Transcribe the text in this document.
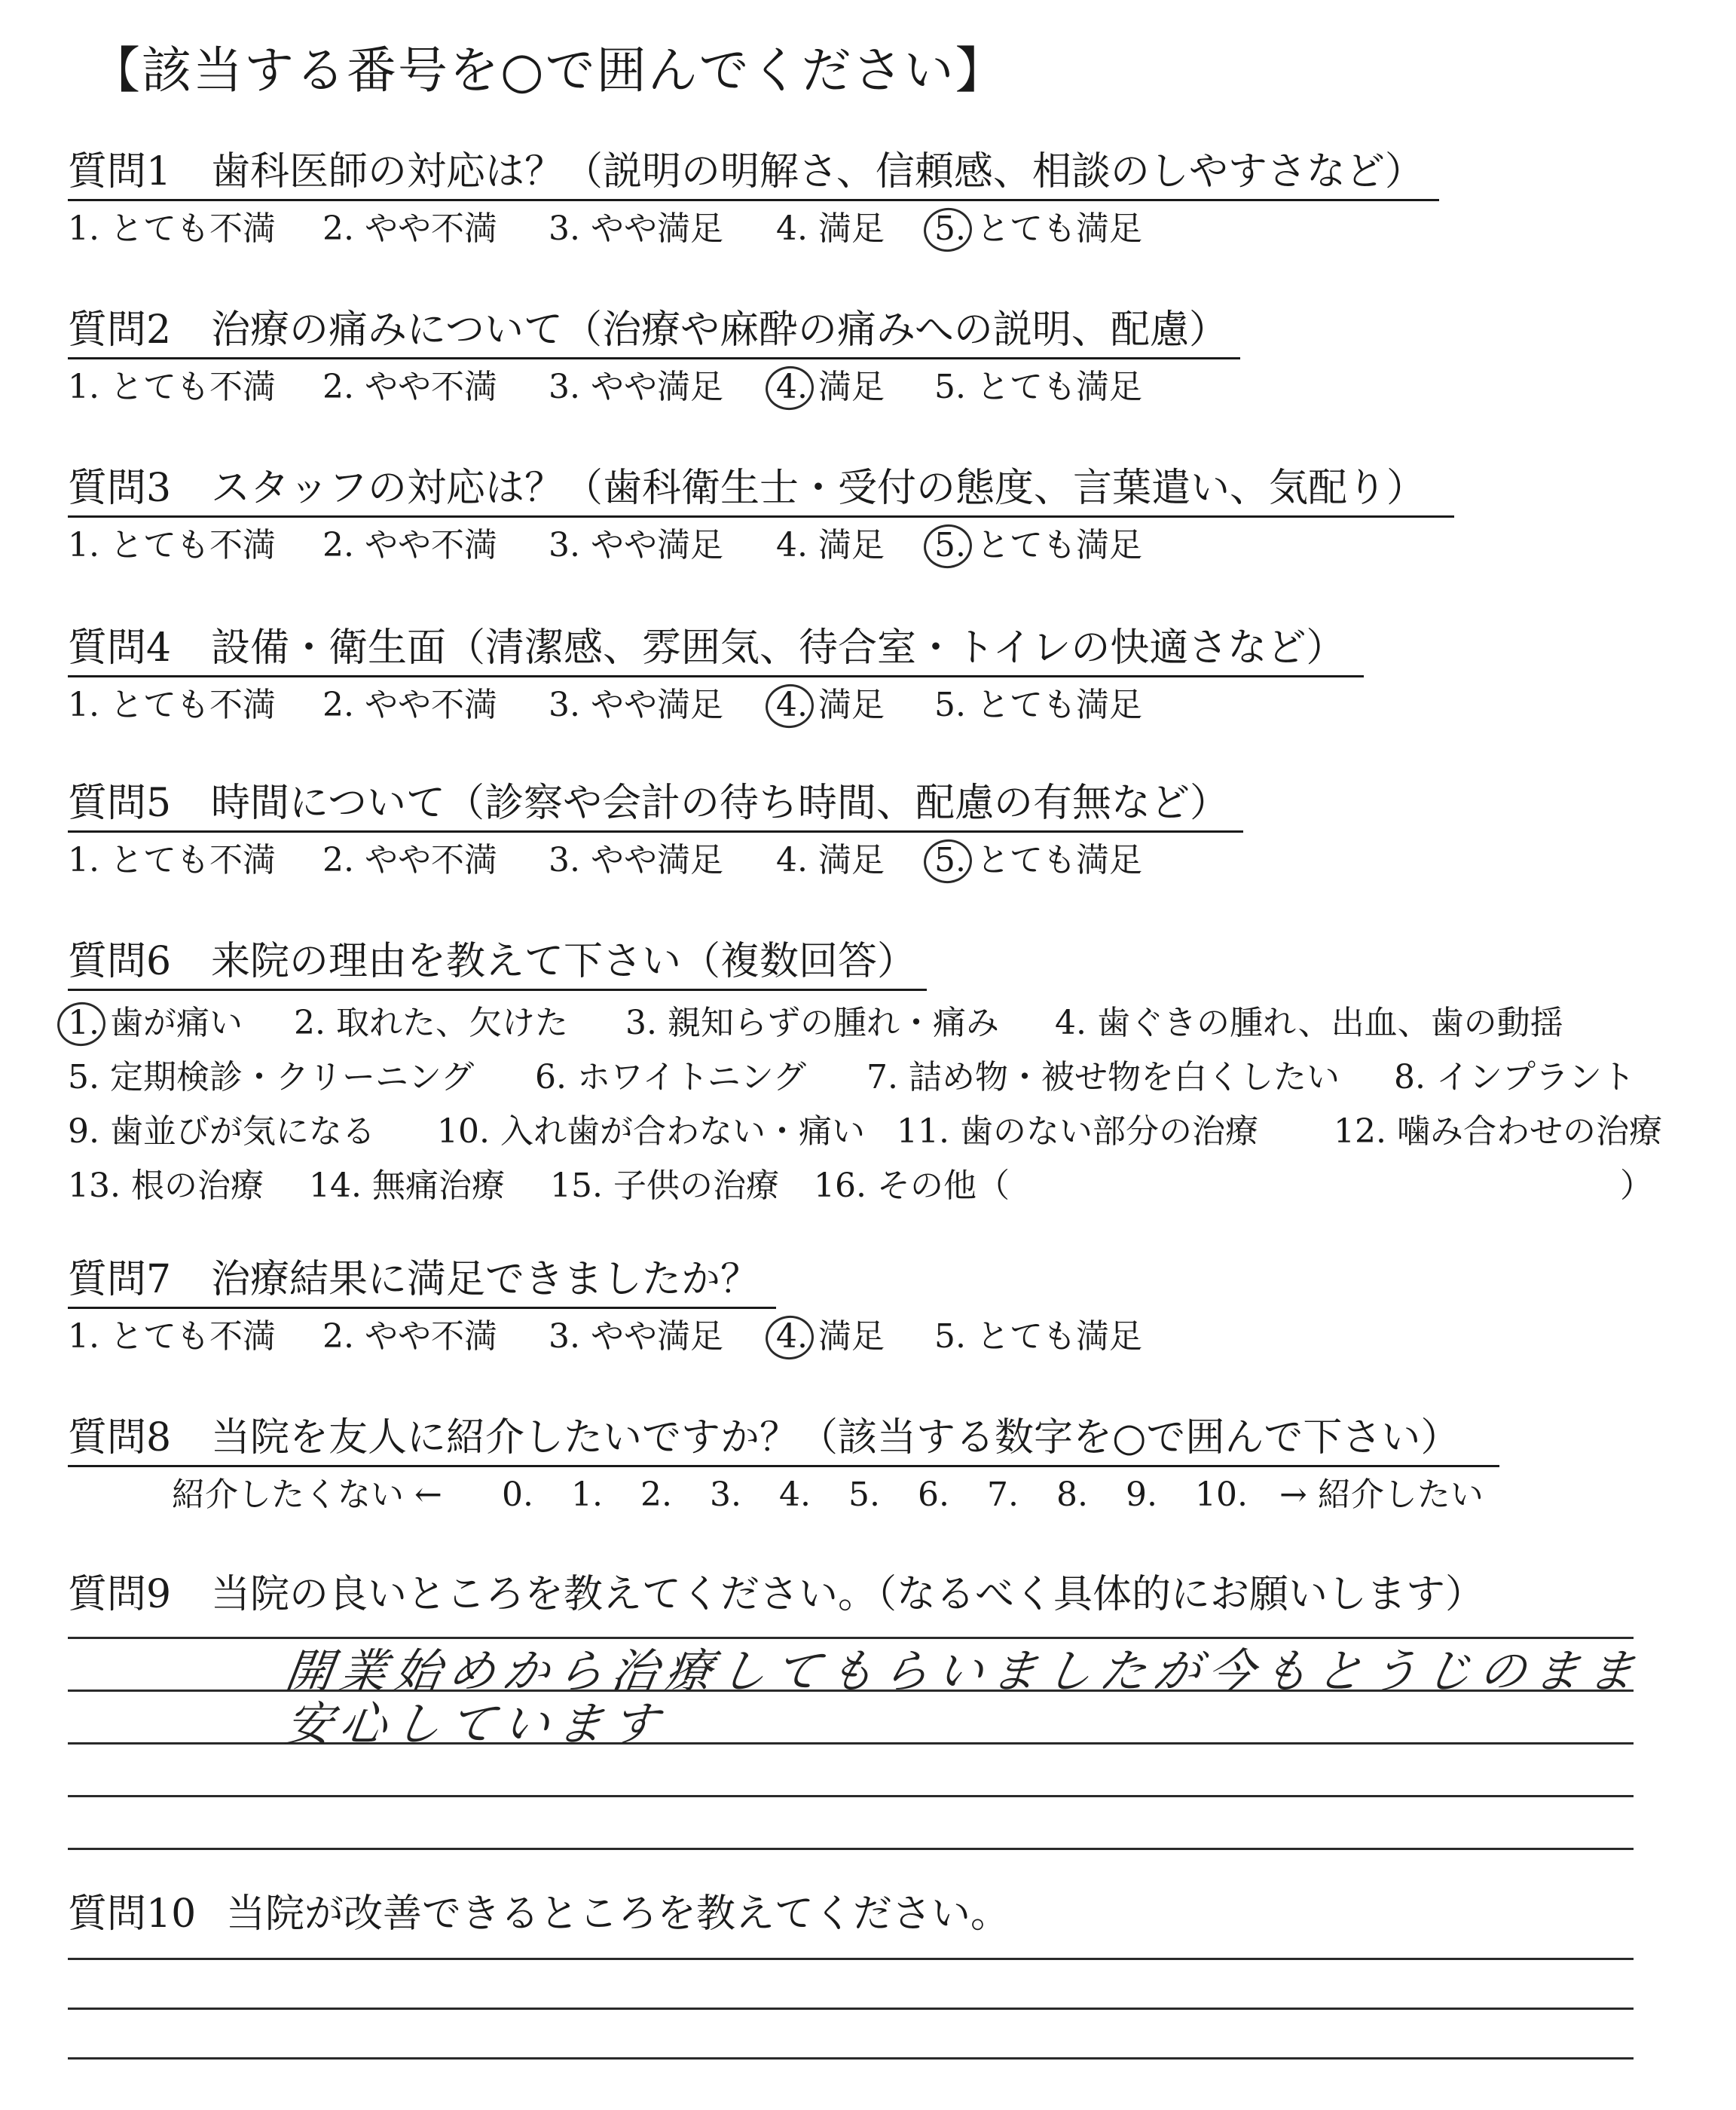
【該当する番号を○で囲んでください】
質問1 歯科医師の対応は？（説明の明解さ、信頼感、相談のしやすさなど）
1. とても不満 2. やや不満 3. やや満足 4. 満足 5. とても満足
質問2 治療の痛みについて（治療や麻酔の痛みへの説明、配慮）
1. とても不満 2. やや不満 3. やや満足 4. 満足 5. とても満足
質問3 スタッフの対応は？（歯科衛生士・受付の態度、言葉遣い、気配り）
1. とても不満 2. やや不満 3. やや満足 4. 満足 5. とても満足
質問4 設備・衛生面（清潔感、雰囲気、待合室・トイレの快適さなど）
1. とても不満 2. やや不満 3. やや満足 4. 満足 5. とても満足
質問5 時間について（診察や会計の待ち時間、配慮の有無など）
1. とても不満 2. やや不満 3. やや満足 4. 満足 5. とても満足
質問6 来院の理由を教えて下さい（複数回答）
1. 歯が痛い 2. 取れた、欠けた 3. 親知らずの腫れ・痛み 4. 歯ぐきの腫れ、出血、歯の動揺
5. 定期検診・クリーニング 6. ホワイトニング 7. 詰め物・被せ物を白くしたい 8. インプラント
9. 歯並びが気になる 10. 入れ歯が合わない・痛い 11. 歯のない部分の治療 12. 噛み合わせの治療
13. 根の治療 14. 無痛治療 15. 子供の治療 16. その他（	）
質問7 治療結果に満足できましたか？
1. とても不満 2. やや不満 3. やや満足 4. 満足 5. とても満足
質問8 当院を友人に紹介したいですか？（該当する数字を○で囲んで下さい）
紹介したくない ← 0. 1. 2. 3. 4. 5. 6. 7. 8. 9. 10. → 紹介したい
質問9 当院の良いところを教えてください。（なるべく具体的にお願いします）
開業始めから治療してもらいましたが今もとうじのまま
安心しています
質問10 当院が改善できるところを教えてください。
